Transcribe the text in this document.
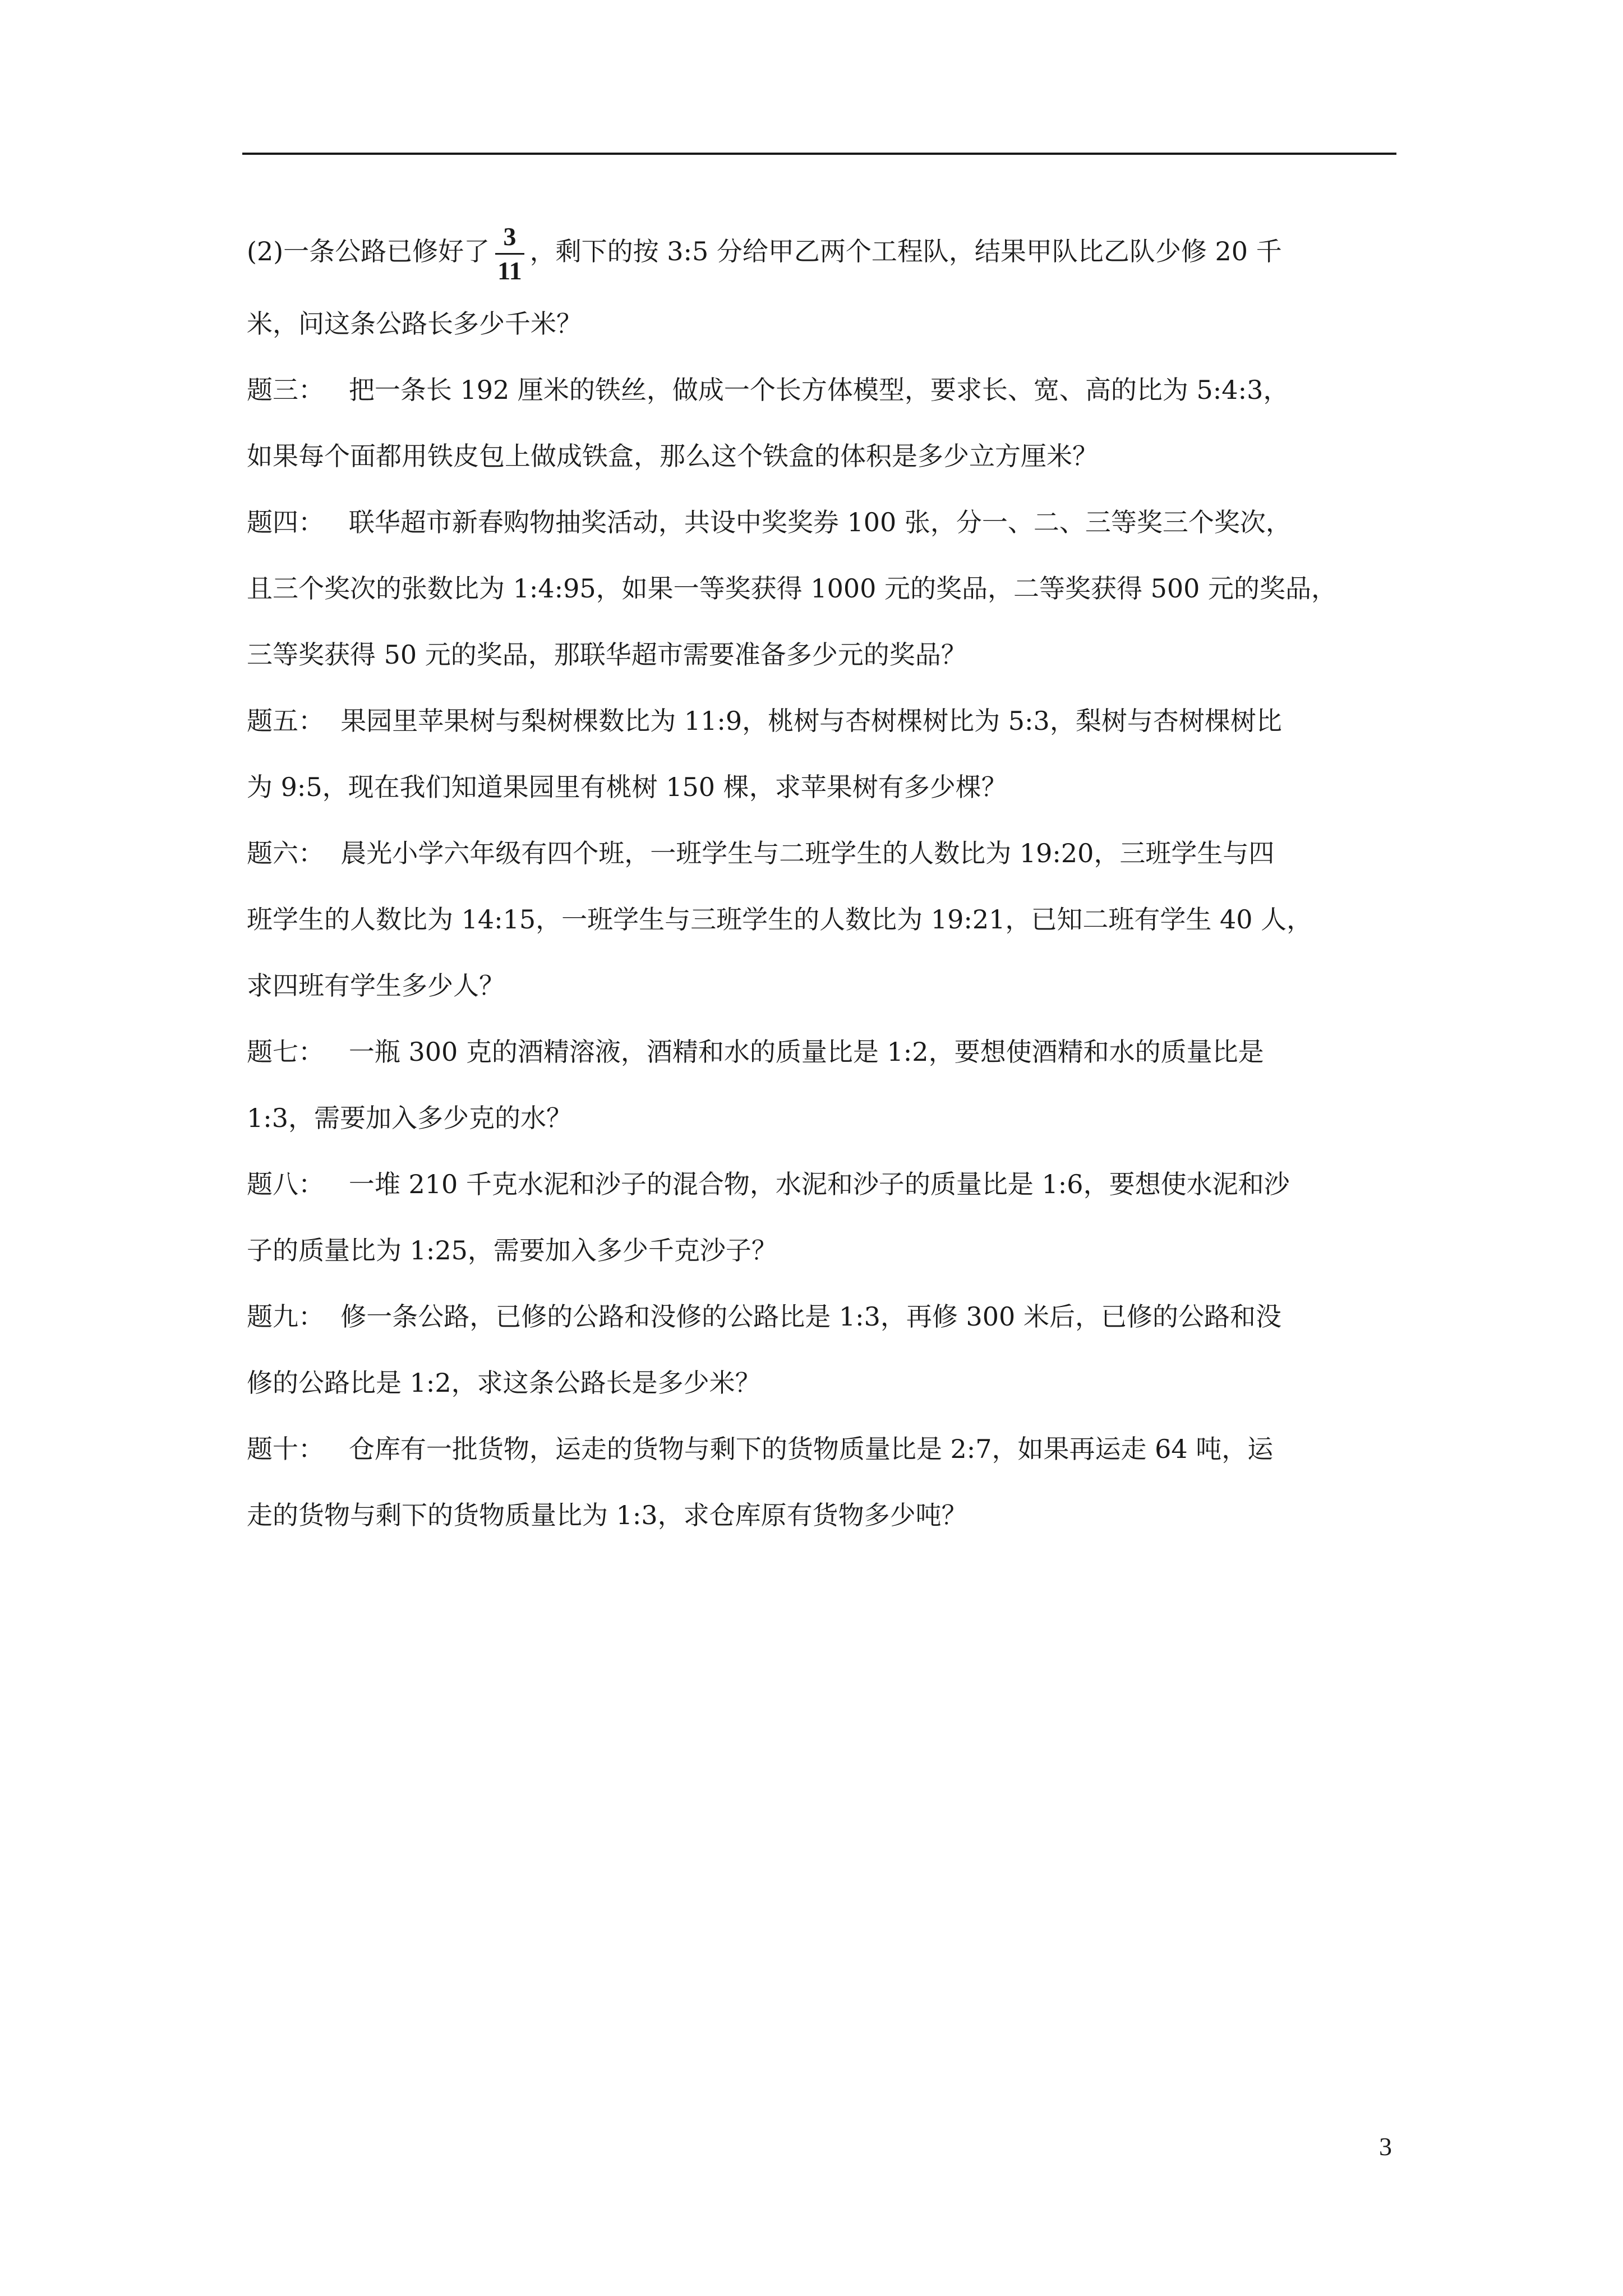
(2)一条公路已修好了 $\frac{3}{11}$ ，剩下的按 3:5 分给甲乙两个工程队，结果甲队比乙队少修 20 千
米，问这条公路长多少千米？
题三： 把一条长 192 厘米的铁丝，做成一个长方体模型，要求长、宽、高的比为 5:4:3，
如果每个面都用铁皮包上做成铁盒，那么这个铁盒的体积是多少立方厘米？
题四： 联华超市新春购物抽奖活动，共设中奖奖券 100 张，分一、二、三等奖三个奖次，
且三个奖次的张数比为 1:4:95，如果一等奖获得 1000 元的奖品，二等奖获得 500 元的奖品，
三等奖获得 50 元的奖品，那联华超市需要准备多少元的奖品？
题五： 果园里苹果树与梨树棵数比为 11:9，桃树与杏树棵树比为 5:3，梨树与杏树棵树比
为 9:5，现在我们知道果园里有桃树 150 棵，求苹果树有多少棵？
题六： 晨光小学六年级有四个班，一班学生与二班学生的人数比为 19:20，三班学生与四
班学生的人数比为 14:15，一班学生与三班学生的人数比为 19:21，已知二班有学生 40 人，
求四班有学生多少人？
题七： 一瓶 300 克的酒精溶液，酒精和水的质量比是 1:2，要想使酒精和水的质量比是
1:3，需要加入多少克的水？
题八： 一堆 210 千克水泥和沙子的混合物，水泥和沙子的质量比是 1:6，要想使水泥和沙
子的质量比为 1:25，需要加入多少千克沙子？
题九： 修一条公路，已修的公路和没修的公路比是 1:3，再修 300 米后，已修的公路和没
修的公路比是 1:2，求这条公路长是多少米？
题十： 仓库有一批货物，运走的货物与剩下的货物质量比是 2:7，如果再运走 64 吨，运
走的货物与剩下的货物质量比为 1:3，求仓库原有货物多少吨？
3
